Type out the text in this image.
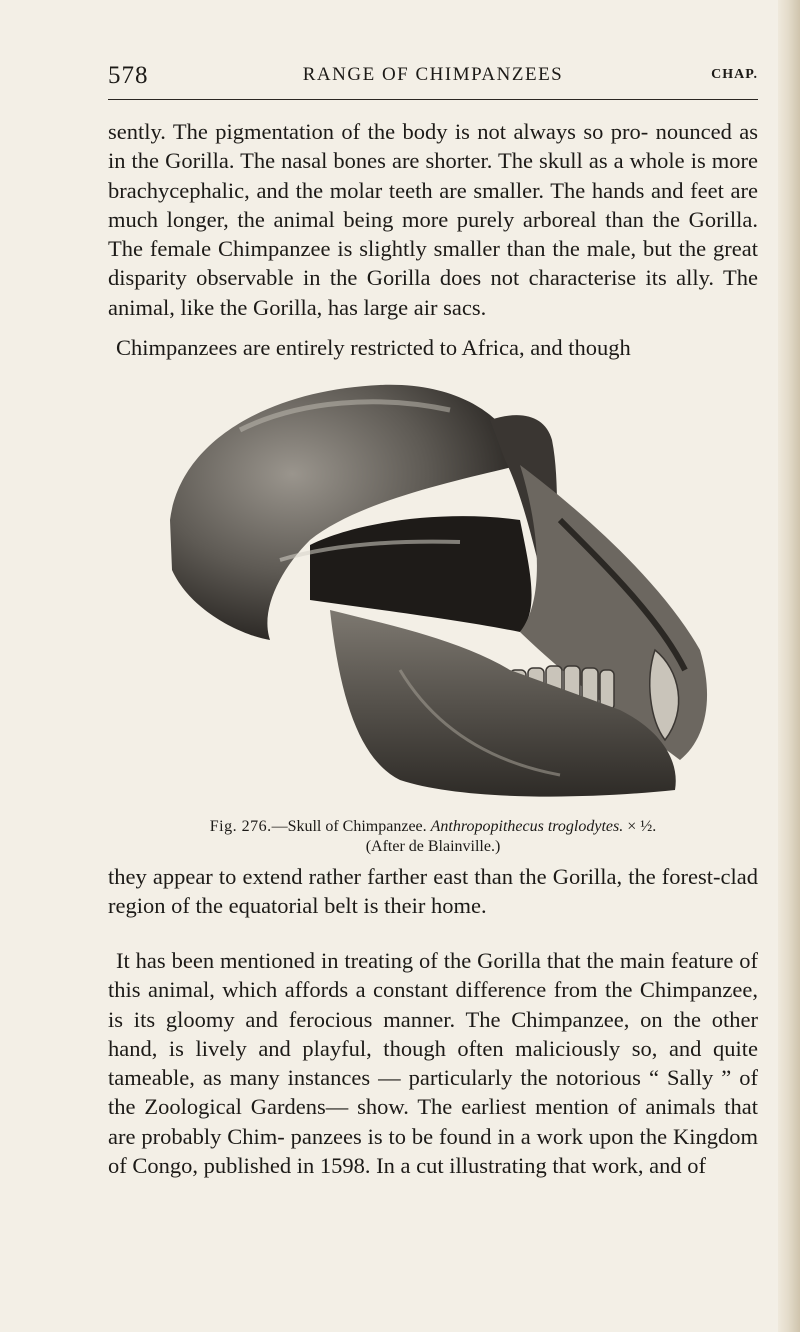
578	RANGE OF CHIMPANZEES	CHAP.

sently. The pigmentation of the body is not always so pro- nounced as in the Gorilla. The nasal bones are shorter. The skull as a whole is more brachycephalic, and the molar teeth are smaller. The hands and feet are much longer, the animal being more purely arboreal than the Gorilla. The female Chimpanzee is slightly smaller than the male, but the great disparity observable in the Gorilla does not characterise its ally. The animal, like the Gorilla, has large air sacs.

Chimpanzees are entirely restricted to Africa, and though

Fig. 276.—Skull of Chimpanzee. Anthropopithecus troglodytes. × ½.
(After de Blainville.)

they appear to extend rather farther east than the Gorilla, the forest-clad region of the equatorial belt is their home.

It has been mentioned in treating of the Gorilla that the main feature of this animal, which affords a constant difference from the Chimpanzee, is its gloomy and ferocious manner. The Chimpanzee, on the other hand, is lively and playful, though often maliciously so, and quite tameable, as many instances — particularly the notorious “ Sally ” of the Zoological Gardens— show. The earliest mention of animals that are probably Chim- panzees is to be found in a work upon the Kingdom of Congo, published in 1598. In a cut illustrating that work, and of
